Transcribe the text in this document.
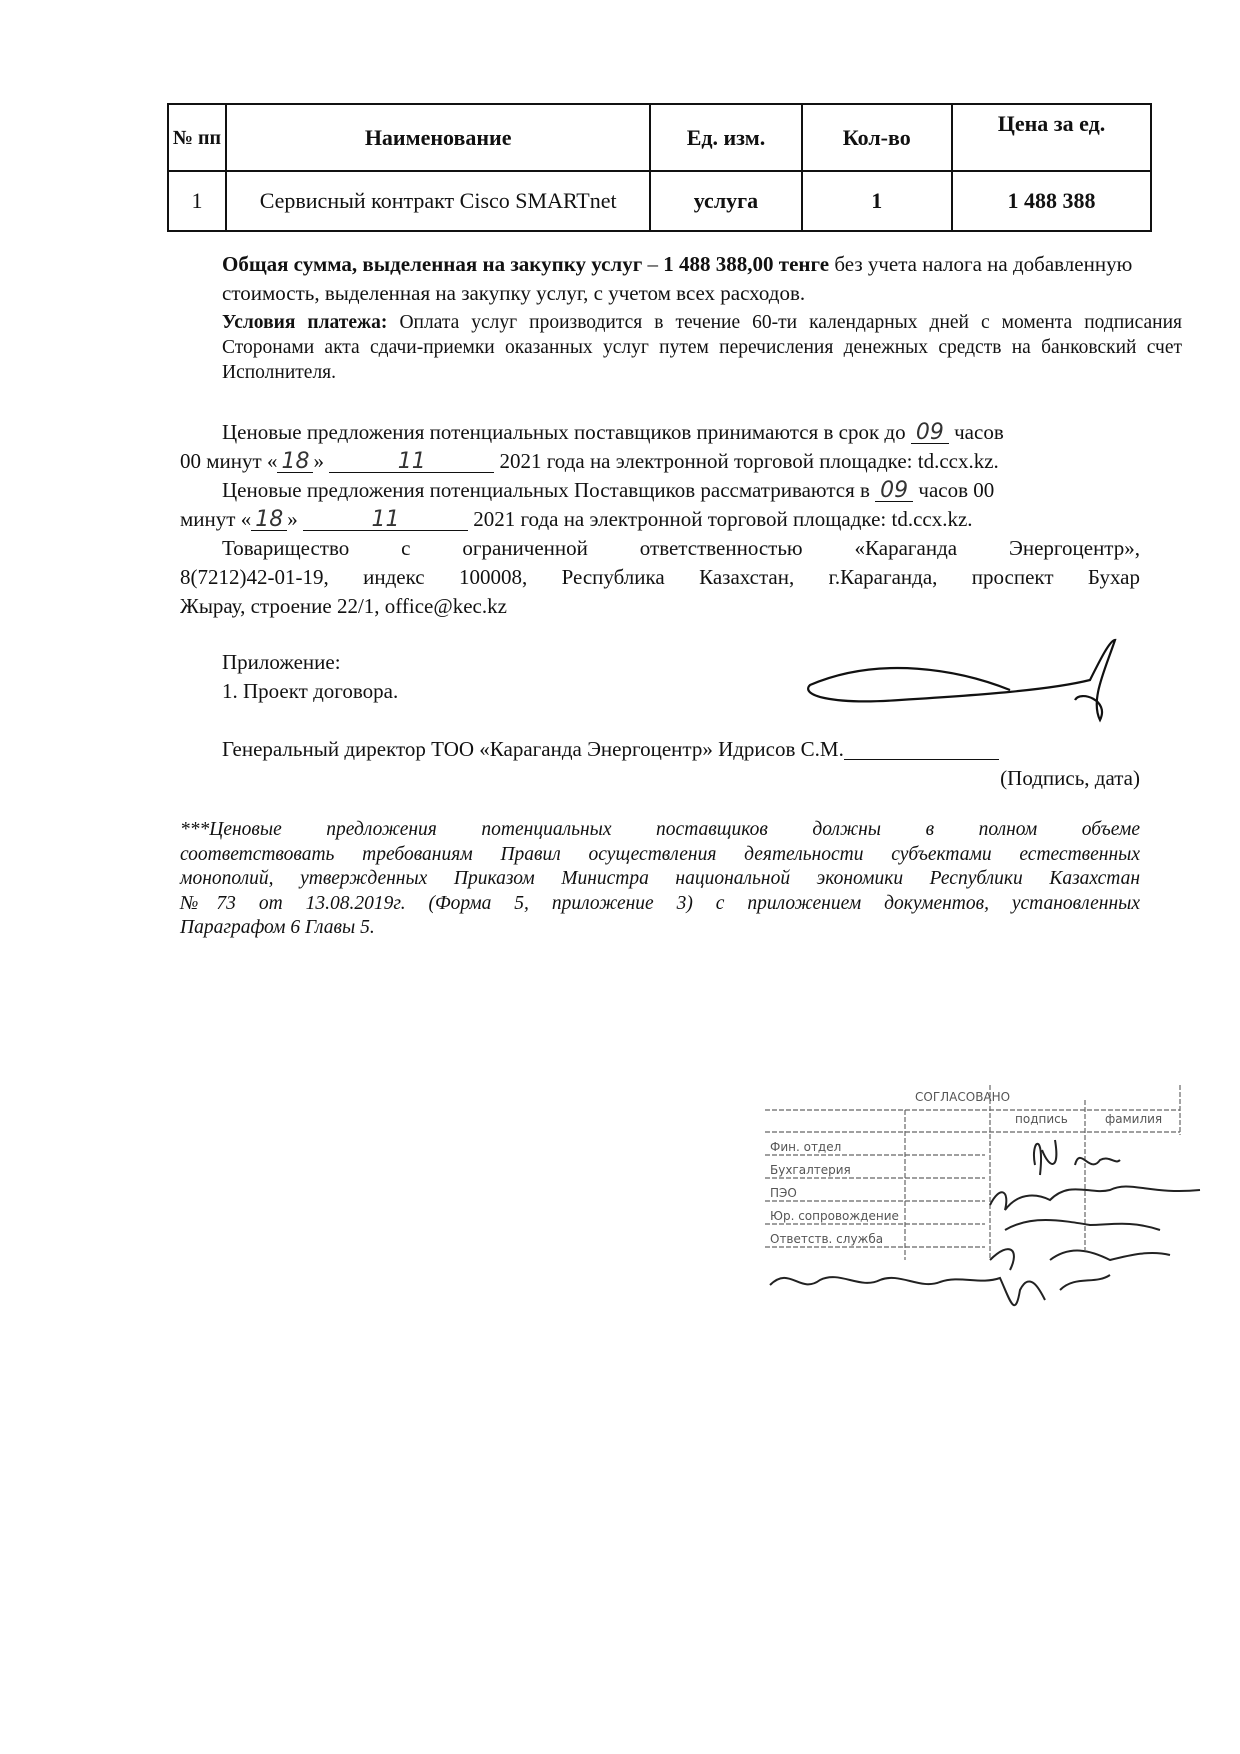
№ пп	Наименование	Ед. изм.	Кол-во	Цена за ед.
1	Сервисный контракт Cisco SMARTnet	услуга	1	1 488 388
Общая сумма, выделенная на закупку услуг – 1 488 388,00 тенге без учета налога на добавленную стоимость, выделенная на закупку услуг, с учетом всех расходов.
Условия платежа: Оплата услуг производится в течение 60-ти календарных дней с момента подписания Сторонами акта сдачи-приемки оказанных услуг путем перечисления денежных средств на банковский счет Исполнителя.
Ценовые предложения потенциальных поставщиков принимаются в срок до 09 часов
00 минут « 18 »	11	2021 года на электронной торговой площадке: td.ccx.kz.
Ценовые предложения потенциальных Поставщиков рассматриваются в 09 часов 00
минут « 18 »	11	2021 года на электронной торговой площадке: td.ccx.kz.
Товарищество с ограниченной ответственностью «Караганда Энергоцентр»,
8(7212)42-01-19, индекс 100008, Республика Казахстан, г.Караганда, проспект Бухар
Жырау, строение 22/1, office@kec.kz
Приложение:
1. Проект договора.
Генеральный директор ТОО «Караганда Энергоцентр» Идрисов С.М.
(Подпись, дата)
***Ценовые предложения потенциальных поставщиков должны в полном объеме
соответствовать требованиям Правил осуществления деятельности субъектами естественных
монополий, утвержденных Приказом Министра национальной экономики Республики Казахстан
№73 от 13.08.2019г. (Форма 5, приложение 3) с приложением документов, установленных
Параграфом 6 Главы 5.
СОГЛАСОВАНО
подпись	фамилия
Фин. отдел
Бухгалтерия
ПЭО
Юр. сопровождение
Ответств. служба
